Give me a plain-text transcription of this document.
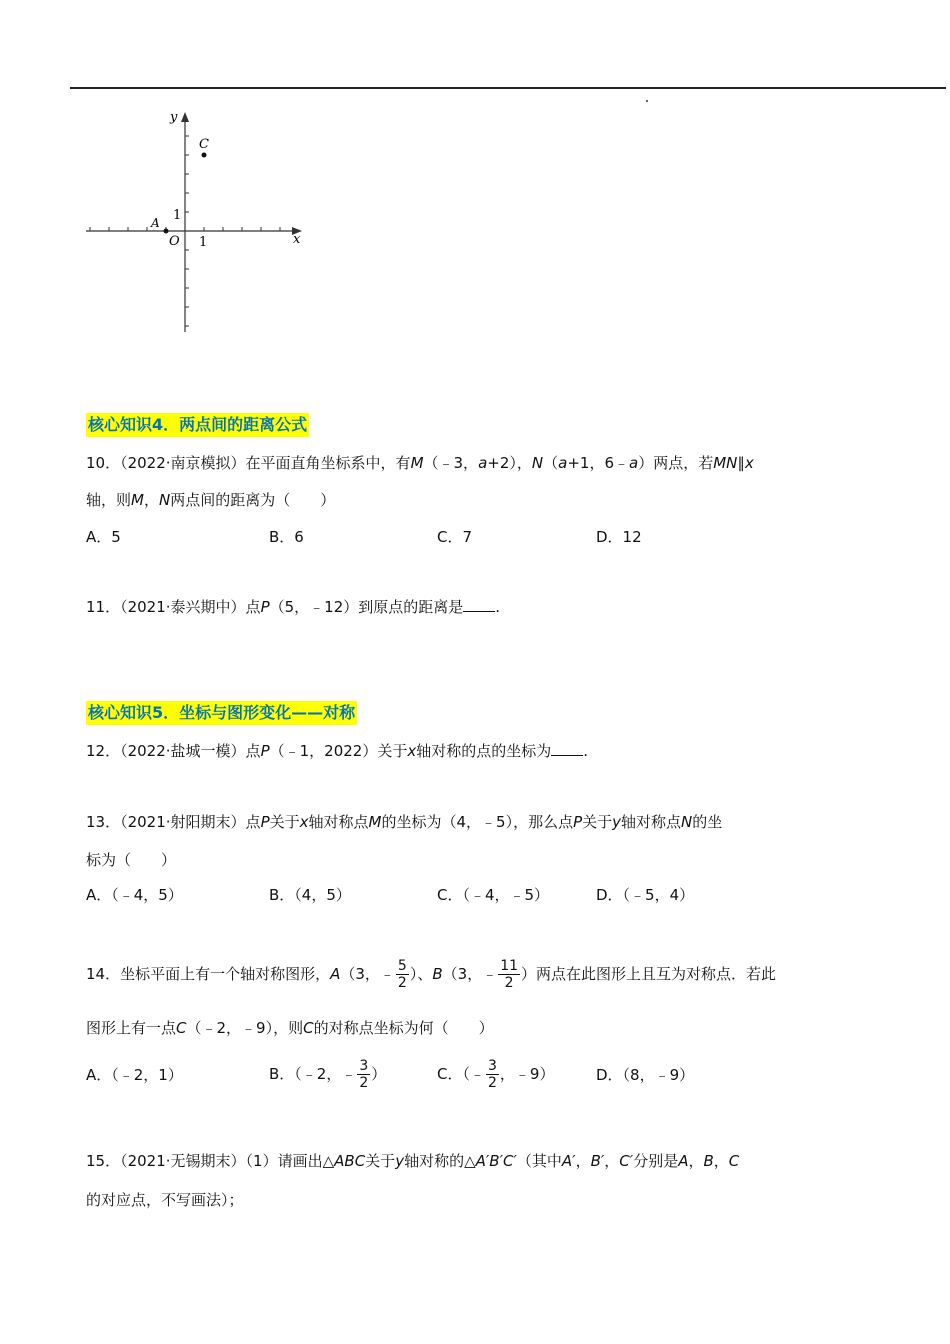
y
x
O 1
1
A
C
核心知识4．两点间的距离公式
10．（2022·南京模拟）在平面直角坐标系中，有M（﹣3，a+2），N（a+1，6﹣a）两点，若MN∥x
轴，则M，N两点间的距离为（　　）
A．5	B．6	C．7	D．12
11．（2021·泰兴期中）点P（5，﹣12）到原点的距离是 .
核心知识5．坐标与图形变化——对称
12．（2022·盐城一模）点P（﹣1，2022）关于x轴对称的点的坐标为 .
13．（2021·射阳期末）点P关于x轴对称点M的坐标为（4，﹣5），那么点P关于y轴对称点N的坐
标为（　　）
A．（﹣4，5）	B．（4，5）	C．（﹣4，﹣5）	D．（﹣5，4）
14．坐标平面上有一个轴对称图形，A（3，﹣ $\frac{5}{2}$ ）、B（3，﹣ $\frac{11}{2}$ ）两点在此图形上且互为对称点．若此
图形上有一点C（﹣2，﹣9），则C的对称点坐标为何（　　）
A．（﹣2，1）	B．（﹣2，﹣ $\frac{3}{2}$ ）	C．（﹣ $\frac{3}{2}$ ，﹣9）	D．（8，﹣9）
15．（2021·无锡期末）（1）请画出△ABC关于y轴对称的△A′B′C′（其中A′，B′，C′分别是A，B，C
的对应点，不写画法）；
